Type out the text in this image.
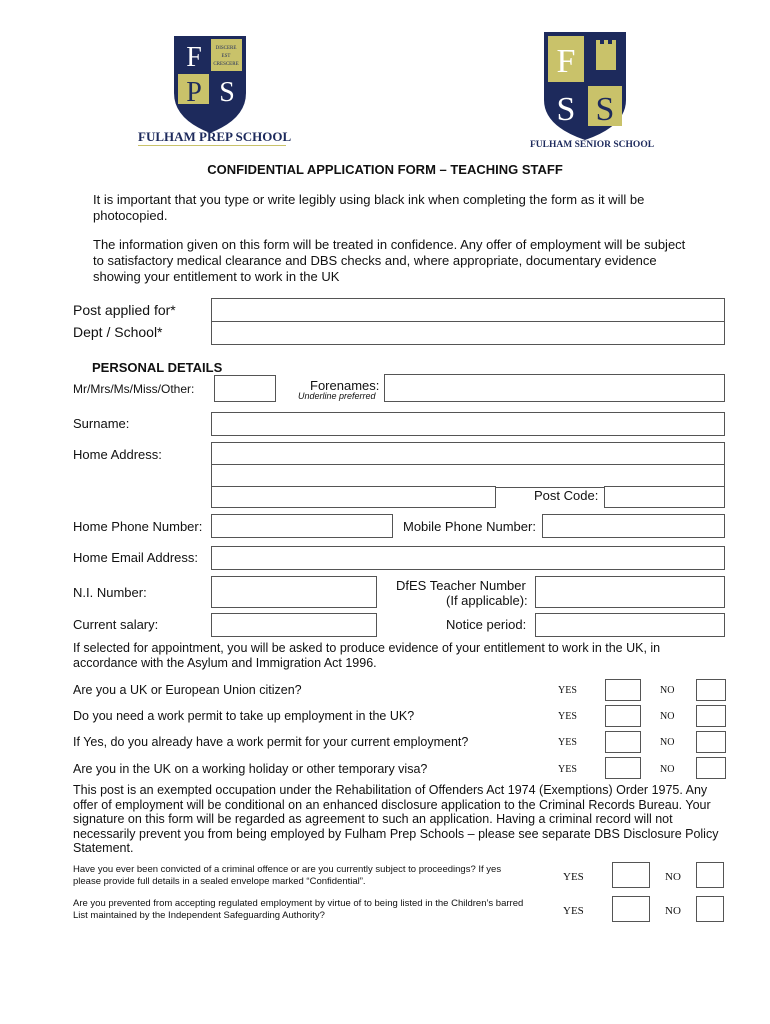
F	DISCERE
EST
CRESCERE
P S
FULHAM PREP SCHOOL
F
S S
FULHAM SENIOR SCHOOL
CONFIDENTIAL APPLICATION FORM – TEACHING STAFF
It is important that you type or write legibly using black ink when completing the form as it will be photocopied.
The information given on this form will be treated in confidence. Any offer of employment will be subject to satisfactory medical clearance and DBS checks and, where appropriate, documentary evidence showing your entitlement to work in the UK
Post applied for*
Dept / School*
PERSONAL DETAILS
Mr/Mrs/Ms/Miss/Other:	Forenames:
Underline preferred
Surname:
Home Address:
Post Code:
Home Phone Number:	Mobile Phone Number:
Home Email Address:
N.I. Number:	DfES Teacher Number
(If applicable):
Current salary:	Notice period:
If selected for appointment, you will be asked to produce evidence of your entitlement to work in the UK, in accordance with the Asylum and Immigration Act 1996.
Are you a UK or European Union citizen?	YES	NO
Do you need a work permit to take up employment in the UK?	YES	NO
If Yes, do you already have a work permit for your current employment?	YES	NO
Are you in the UK on a working holiday or other temporary visa?	YES	NO
This post is an exempted occupation under the Rehabilitation of Offenders Act 1974 (Exemptions) Order 1975. Any offer of employment will be conditional on an enhanced disclosure application to the Criminal Records Bureau. Your signature on this form will be regarded as agreement to such an application. Having a criminal record will not necessarily prevent you from being employed by Fulham Prep Schools – please see separate DBS Disclosure Policy Statement.
Have you ever been convicted of a criminal offence or are you currently subject to proceedings? If yes please provide full details in a sealed envelope marked “Confidential”.	YES	NO
Are you prevented from accepting regulated employment by virtue of to being listed in the Children’s barred List maintained by the Independent Safeguarding Authority?	YES	NO
